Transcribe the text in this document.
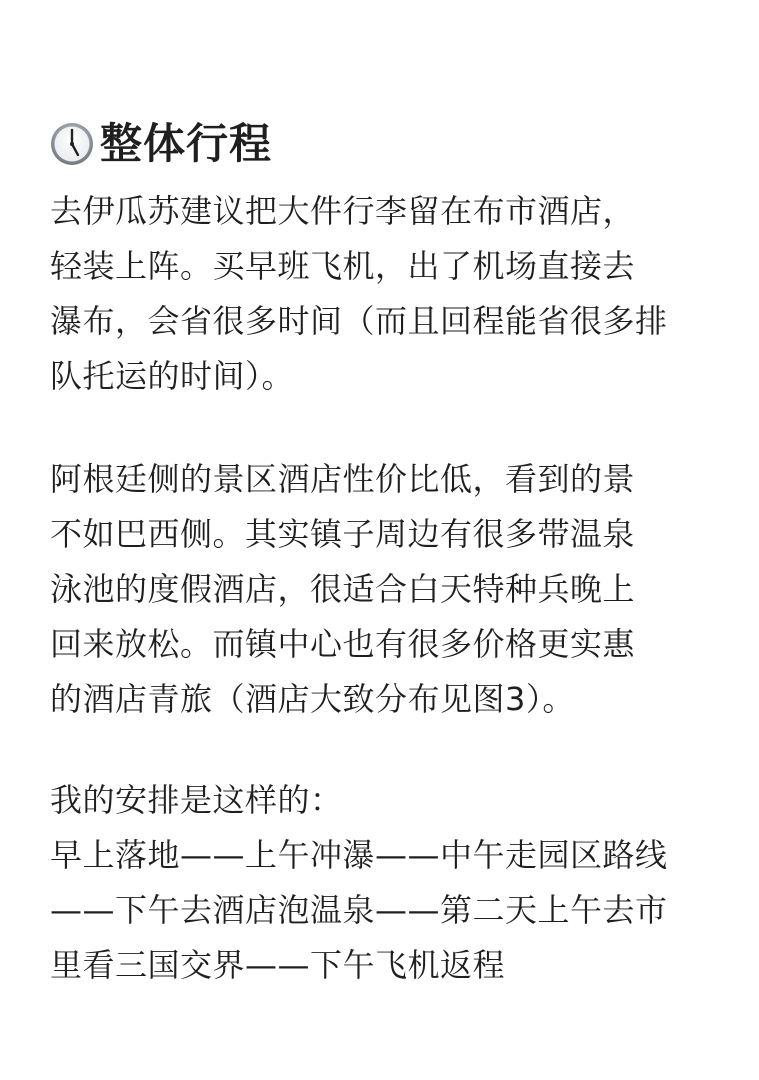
整体行程
去伊瓜苏建议把大件行李留在布市酒店，
轻装上阵。买早班飞机，出了机场直接去
瀑布，会省很多时间（而且回程能省很多排
队托运的时间）。
阿根廷侧的景区酒店性价比低，看到的景
不如巴西侧。其实镇子周边有很多带温泉
泳池的度假酒店，很适合白天特种兵晚上
回来放松。而镇中心也有很多价格更实惠
的酒店青旅（酒店大致分布见图3）。
我的安排是这样的：
早上落地——上午冲瀑——中午走园区路线
——下午去酒店泡温泉——第二天上午去市
里看三国交界——下午飞机返程
